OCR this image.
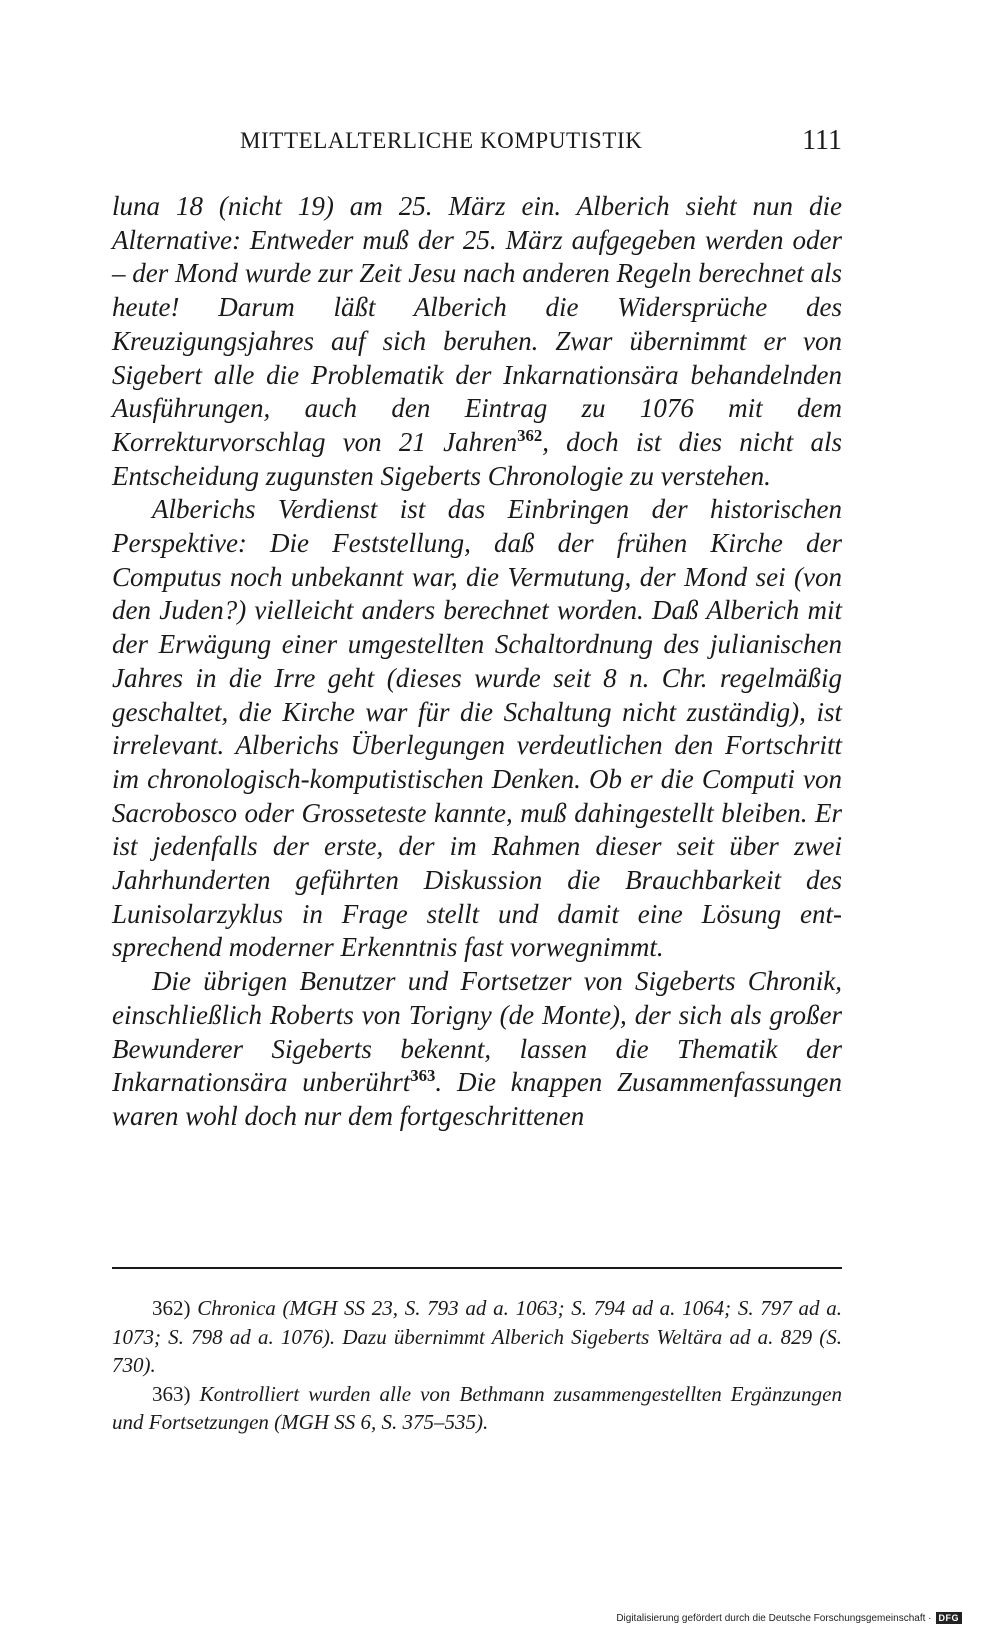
MITTELALTERLICHE KOMPUTISTIK	111

luna 18 (nicht 19) am 25. März ein. Alberich sieht nun die Alternative: Entweder muß der 25. März aufgegeben werden oder – der Mond wurde zur Zeit Jesu nach anderen Regeln berechnet als heute! Darum läßt Alberich die Widersprüche des Kreuzigungsjahres auf sich beruhen. Zwar übernimmt er von Sigebert alle die Problematik der Inkarnationsära behandelnden Ausführungen, auch den Eintrag zu 1076 mit dem Korrekturvorschlag von 21 Jahren$^{362}$, doch ist dies nicht als Entscheidung zugunsten Sigeberts Chronologie zu verstehen.

Alberichs Verdienst ist das Einbringen der historischen Perspektive: Die Feststellung, daß der frühen Kirche der Computus noch unbekannt war, die Vermutung, der Mond sei (von den Juden?) vielleicht anders berechnet worden. Daß Alberich mit der Erwägung einer umgestellten Schaltordnung des julianischen Jahres in die Irre geht (dieses wurde seit 8 n. Chr. regelmäßig geschaltet, die Kirche war für die Schaltung nicht zuständig), ist irrelevant. Alberichs Überlegungen verdeutlichen den Fortschritt im chronologisch-komputistischen Denken. Ob er die Computi von Sacrobosco oder Grosseteste kannte, muß dahingestellt bleiben. Er ist jedenfalls der erste, der im Rahmen dieser seit über zwei Jahrhunderten geführten Diskussion die Brauchbarkeit des Lunisolarzyklus in Frage stellt und damit eine Lösung entsprechend moderner Erkenntnis fast vorwegnimmt.

Die übrigen Benutzer und Fortsetzer von Sigeberts Chronik, einschließlich Roberts von Torigny (de Monte), der sich als großer Bewunderer Sigeberts bekennt, lassen die Thematik der Inkarnationsära unberührt$^{363}$. Die knappen Zusammenfassungen waren wohl doch nur dem fortgeschrittenen

362) Chronica (MGH SS 23, S. 793 ad a. 1063; S. 794 ad a. 1064; S. 797 ad a. 1073; S. 798 ad a. 1076). Dazu übernimmt Alberich Sigeberts Weltära ad a. 829 (S. 730).

363) Kontrolliert wurden alle von Bethmann zusammengestellten Ergänzungen und Fortsetzungen (MGH SS 6, S. 375–535).

Digitalisierung gefördert durch die Deutsche Forschungsgemeinschaft · DFG
